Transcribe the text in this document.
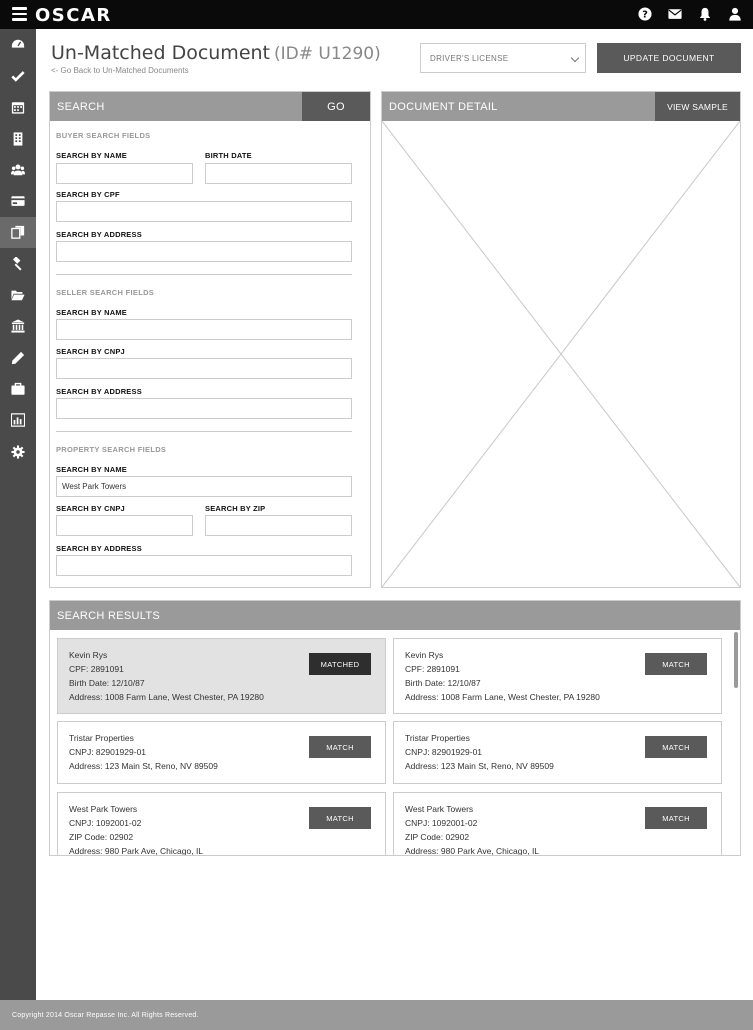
OSCAR	?
Un-Matched Document (ID# U1290)
<- Go Back to Un-Matched Documents
DRIVER'S LICENSE	UPDATE DOCUMENT
SEARCH	GO
BUYER SEARCH FIELDS
SEARCH BY NAME	BIRTH DATE
SEARCH BY CPF
SEARCH BY ADDRESS
SELLER SEARCH FIELDS
SEARCH BY NAME
SEARCH BY CNPJ
SEARCH BY ADDRESS
PROPERTY SEARCH FIELDS
SEARCH BY NAME
West Park Towers
SEARCH BY CNPJ	SEARCH BY ZIP
SEARCH BY ADDRESS
DOCUMENT DETAIL	VIEW SAMPLE
SEARCH RESULTS
Kevin Rys
CPF: 2891091
Birth Date: 12/10/87
Address: 1008 Farm Lane, West Chester, PA 19280
MATCHED
Kevin Rys
CPF: 2891091
Birth Date: 12/10/87
Address: 1008 Farm Lane, West Chester, PA 19280
MATCH
Tristar Properties
CNPJ: 82901929-01
Address: 123 Main St, Reno, NV 89509
MATCH
Tristar Properties
CNPJ: 82901929-01
Address: 123 Main St, Reno, NV 89509
MATCH
West Park Towers
CNPJ: 1092001-02
ZIP Code: 02902
Address: 980 Park Ave, Chicago, IL
MATCH
West Park Towers
CNPJ: 1092001-02
ZIP Code: 02902
Address: 980 Park Ave, Chicago, IL
MATCH
Copyright 2014 Oscar Repasse Inc. All Rights Reserved.
